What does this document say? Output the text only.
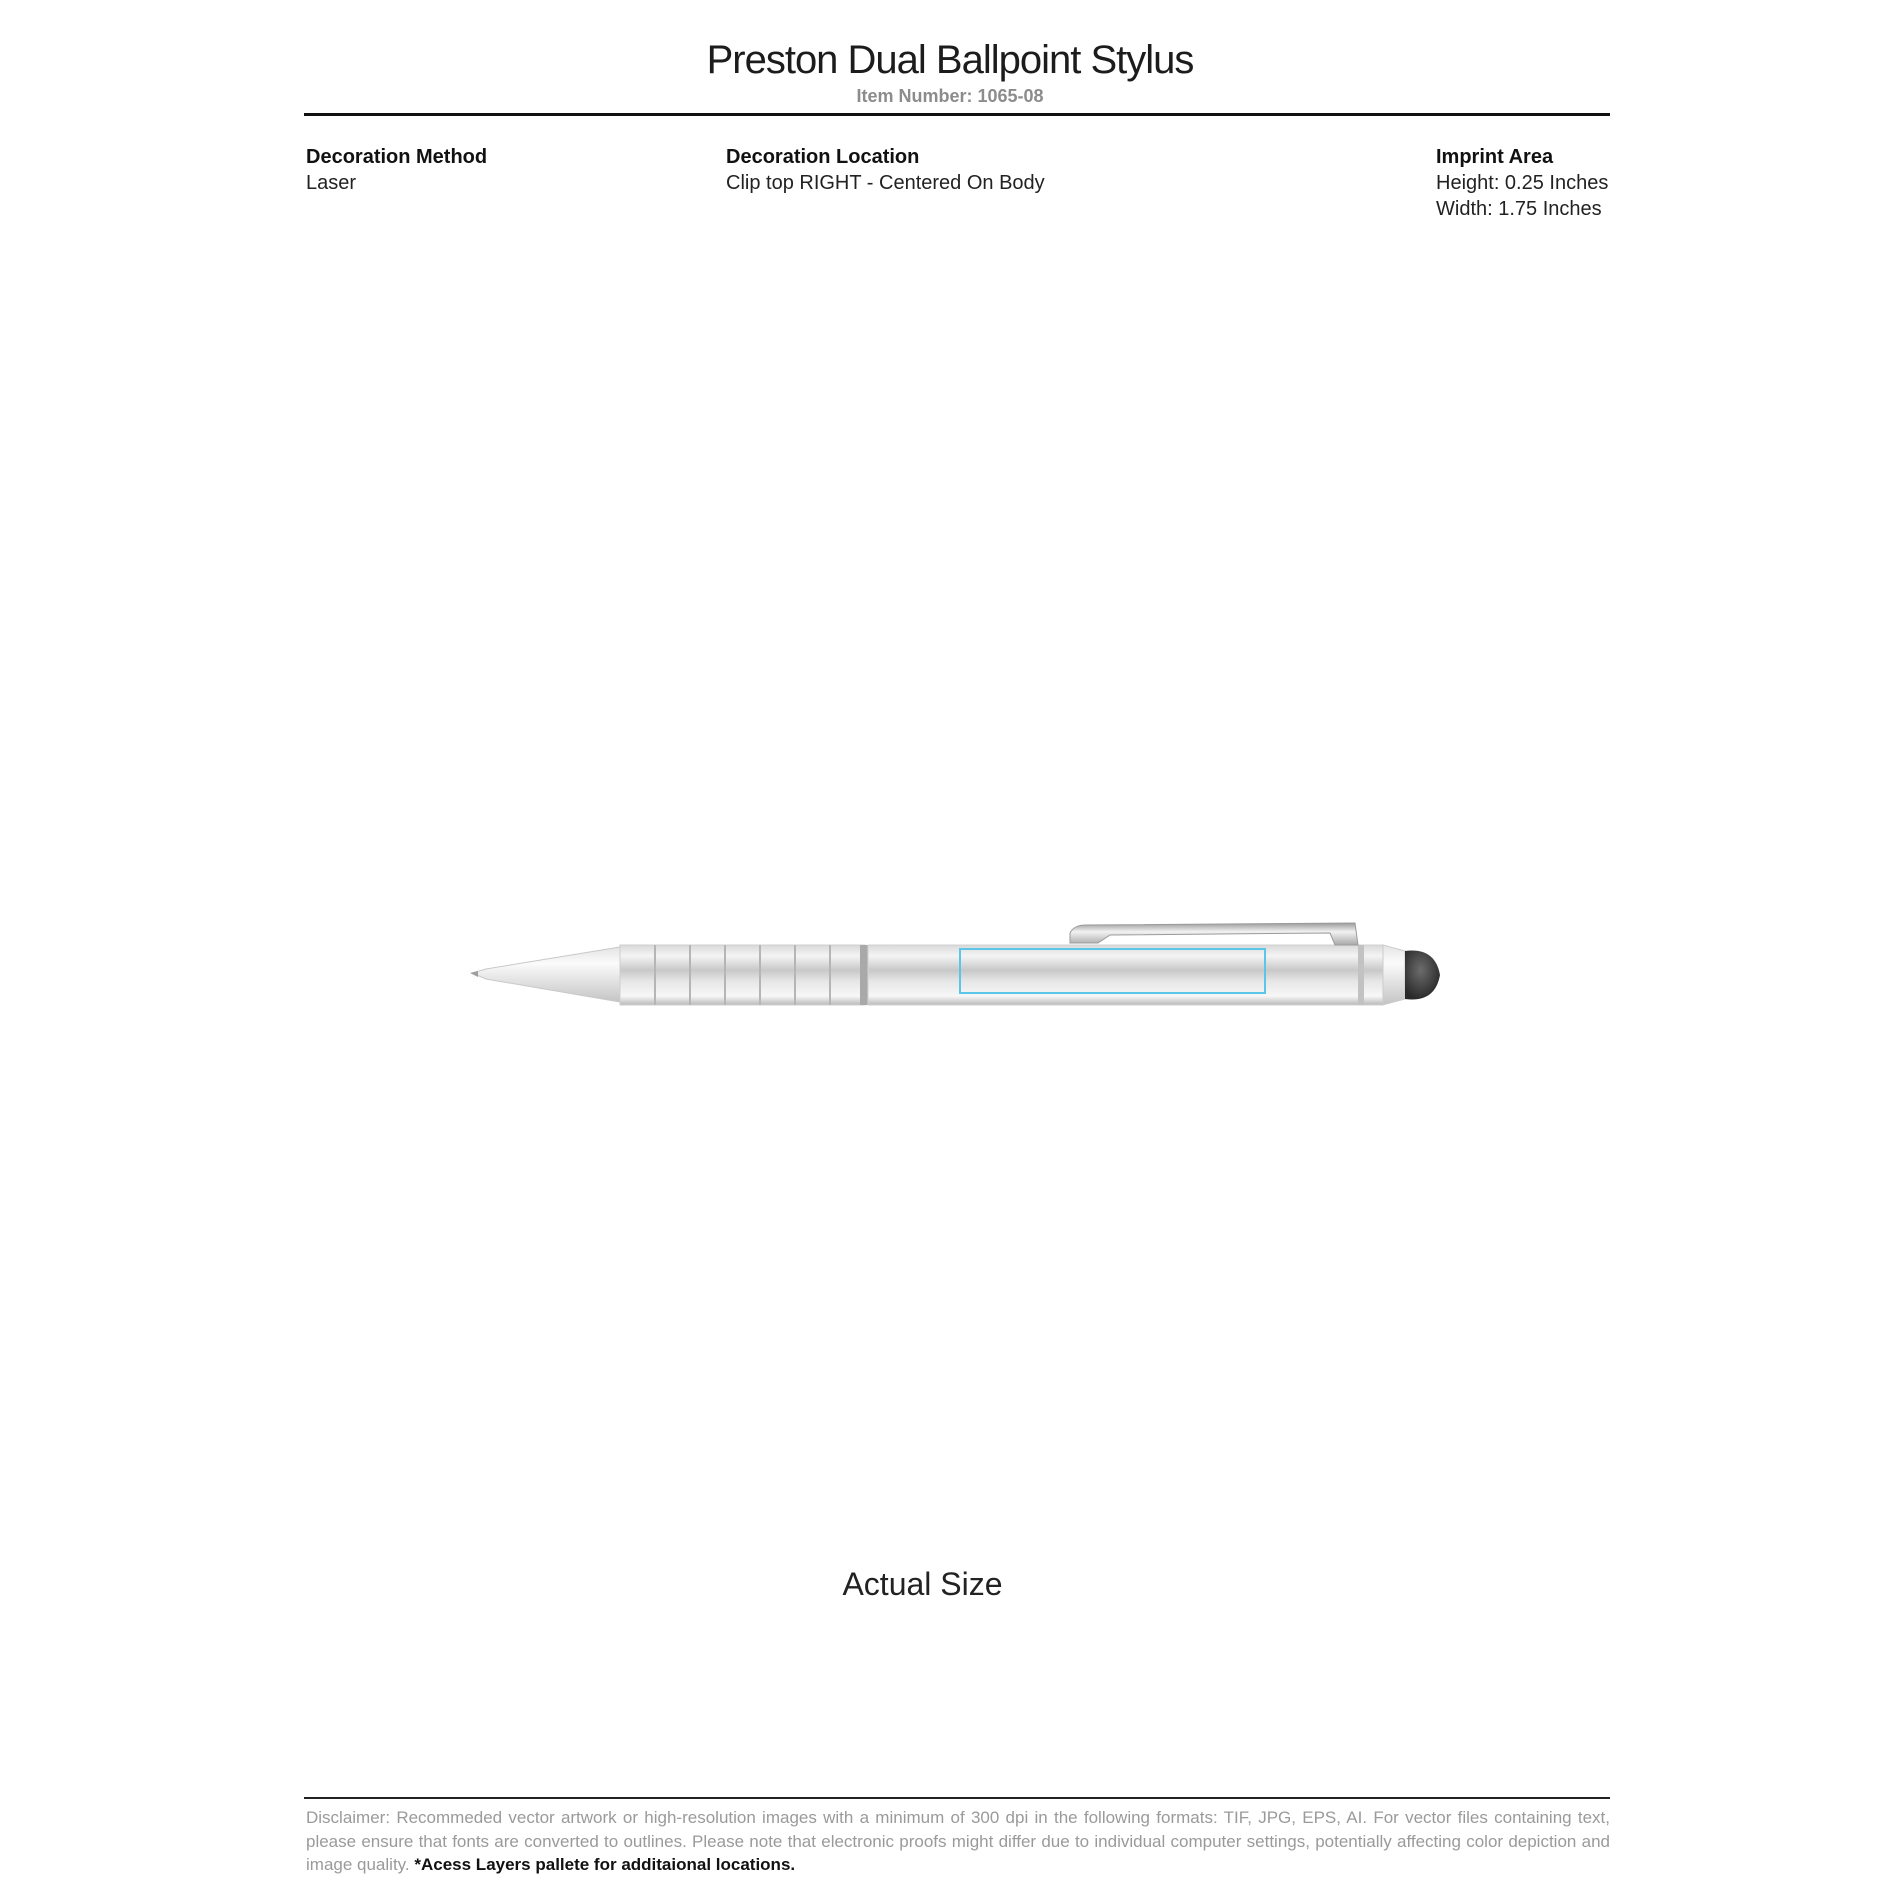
Preston Dual Ballpoint Stylus
Item Number: 1065-08
Decoration Method
Laser
Decoration Location
Clip top RIGHT - Centered On Body
Imprint Area
Height: 0.25 Inches
Width: 1.75 Inches
Actual Size
Disclaimer: Recommeded vector artwork or high-resolution images with a minimum of 300 dpi in the following formats: TIF, JPG, EPS, AI. For vector files containing text, please ensure that fonts are converted to outlines. Please note that electronic proofs might differ due to individual computer settings, potentially affecting color depiction and image quality. *Acess Layers pallete for additaional locations.
